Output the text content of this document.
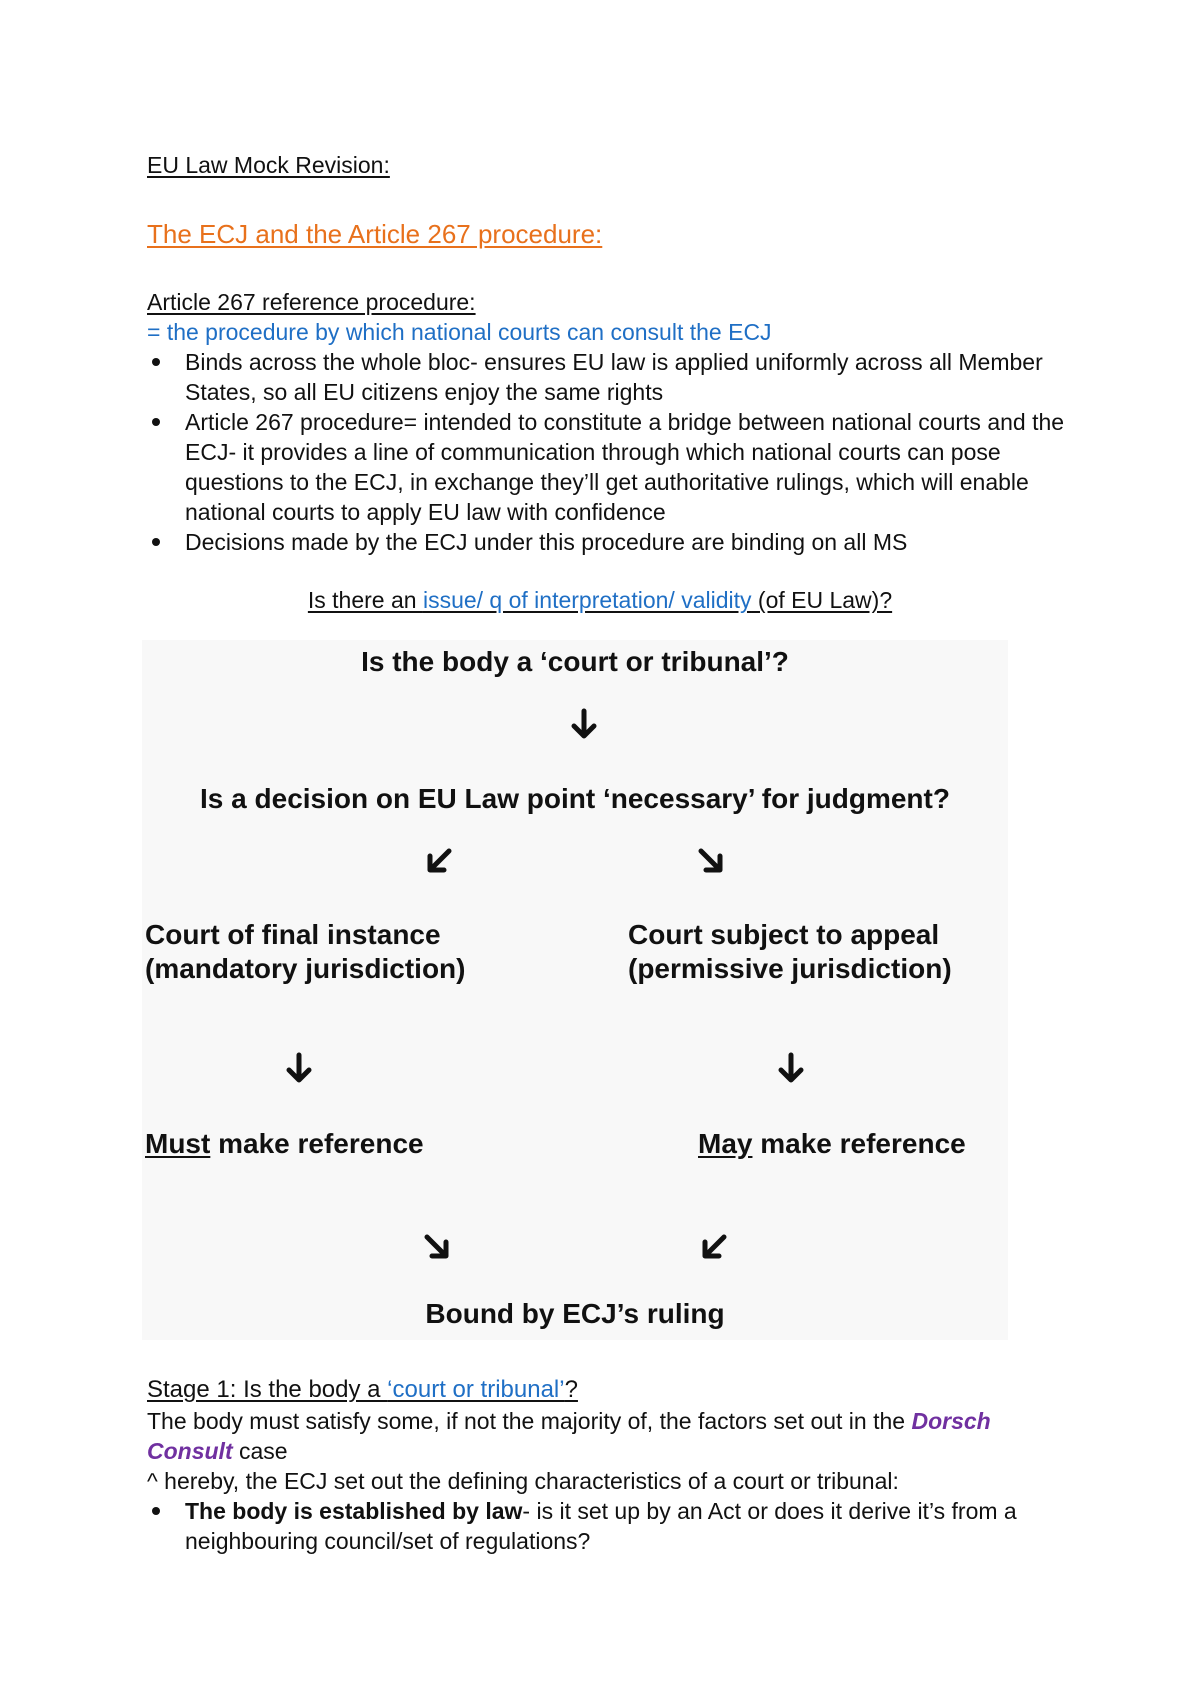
EU Law Mock Revision:
The ECJ and the Article 267 procedure:
Article 267 reference procedure:
= the procedure by which national courts can consult the ECJ
Binds across the whole bloc- ensures EU law is applied uniformly across all Member States, so all EU citizens enjoy the same rights
Article 267 procedure= intended to constitute a bridge between national courts and the ECJ- it provides a line of communication through which national courts can pose questions to the ECJ, in exchange they’ll get authoritative rulings, which will enable national courts to apply EU law with confidence
Decisions made by the ECJ under this procedure are binding on all MS
Is there an issue/ q of interpretation/ validity (of EU Law)?
Is the body a ‘court or tribunal’?
Is a decision on EU Law point ‘necessary’ for judgment?
Court of final instance
(mandatory jurisdiction)
Court subject to appeal
(permissive jurisdiction)
Must make reference	May make reference
Bound by ECJ’s ruling
Stage 1: Is the body a ‘court or tribunal’?
The body must satisfy some, if not the majority of, the factors set out in the Dorsch Consult case
^ hereby, the ECJ set out the defining characteristics of a court or tribunal:
The body is established by law- is it set up by an Act or does it derive it’s from a neighbouring council/set of regulations?
